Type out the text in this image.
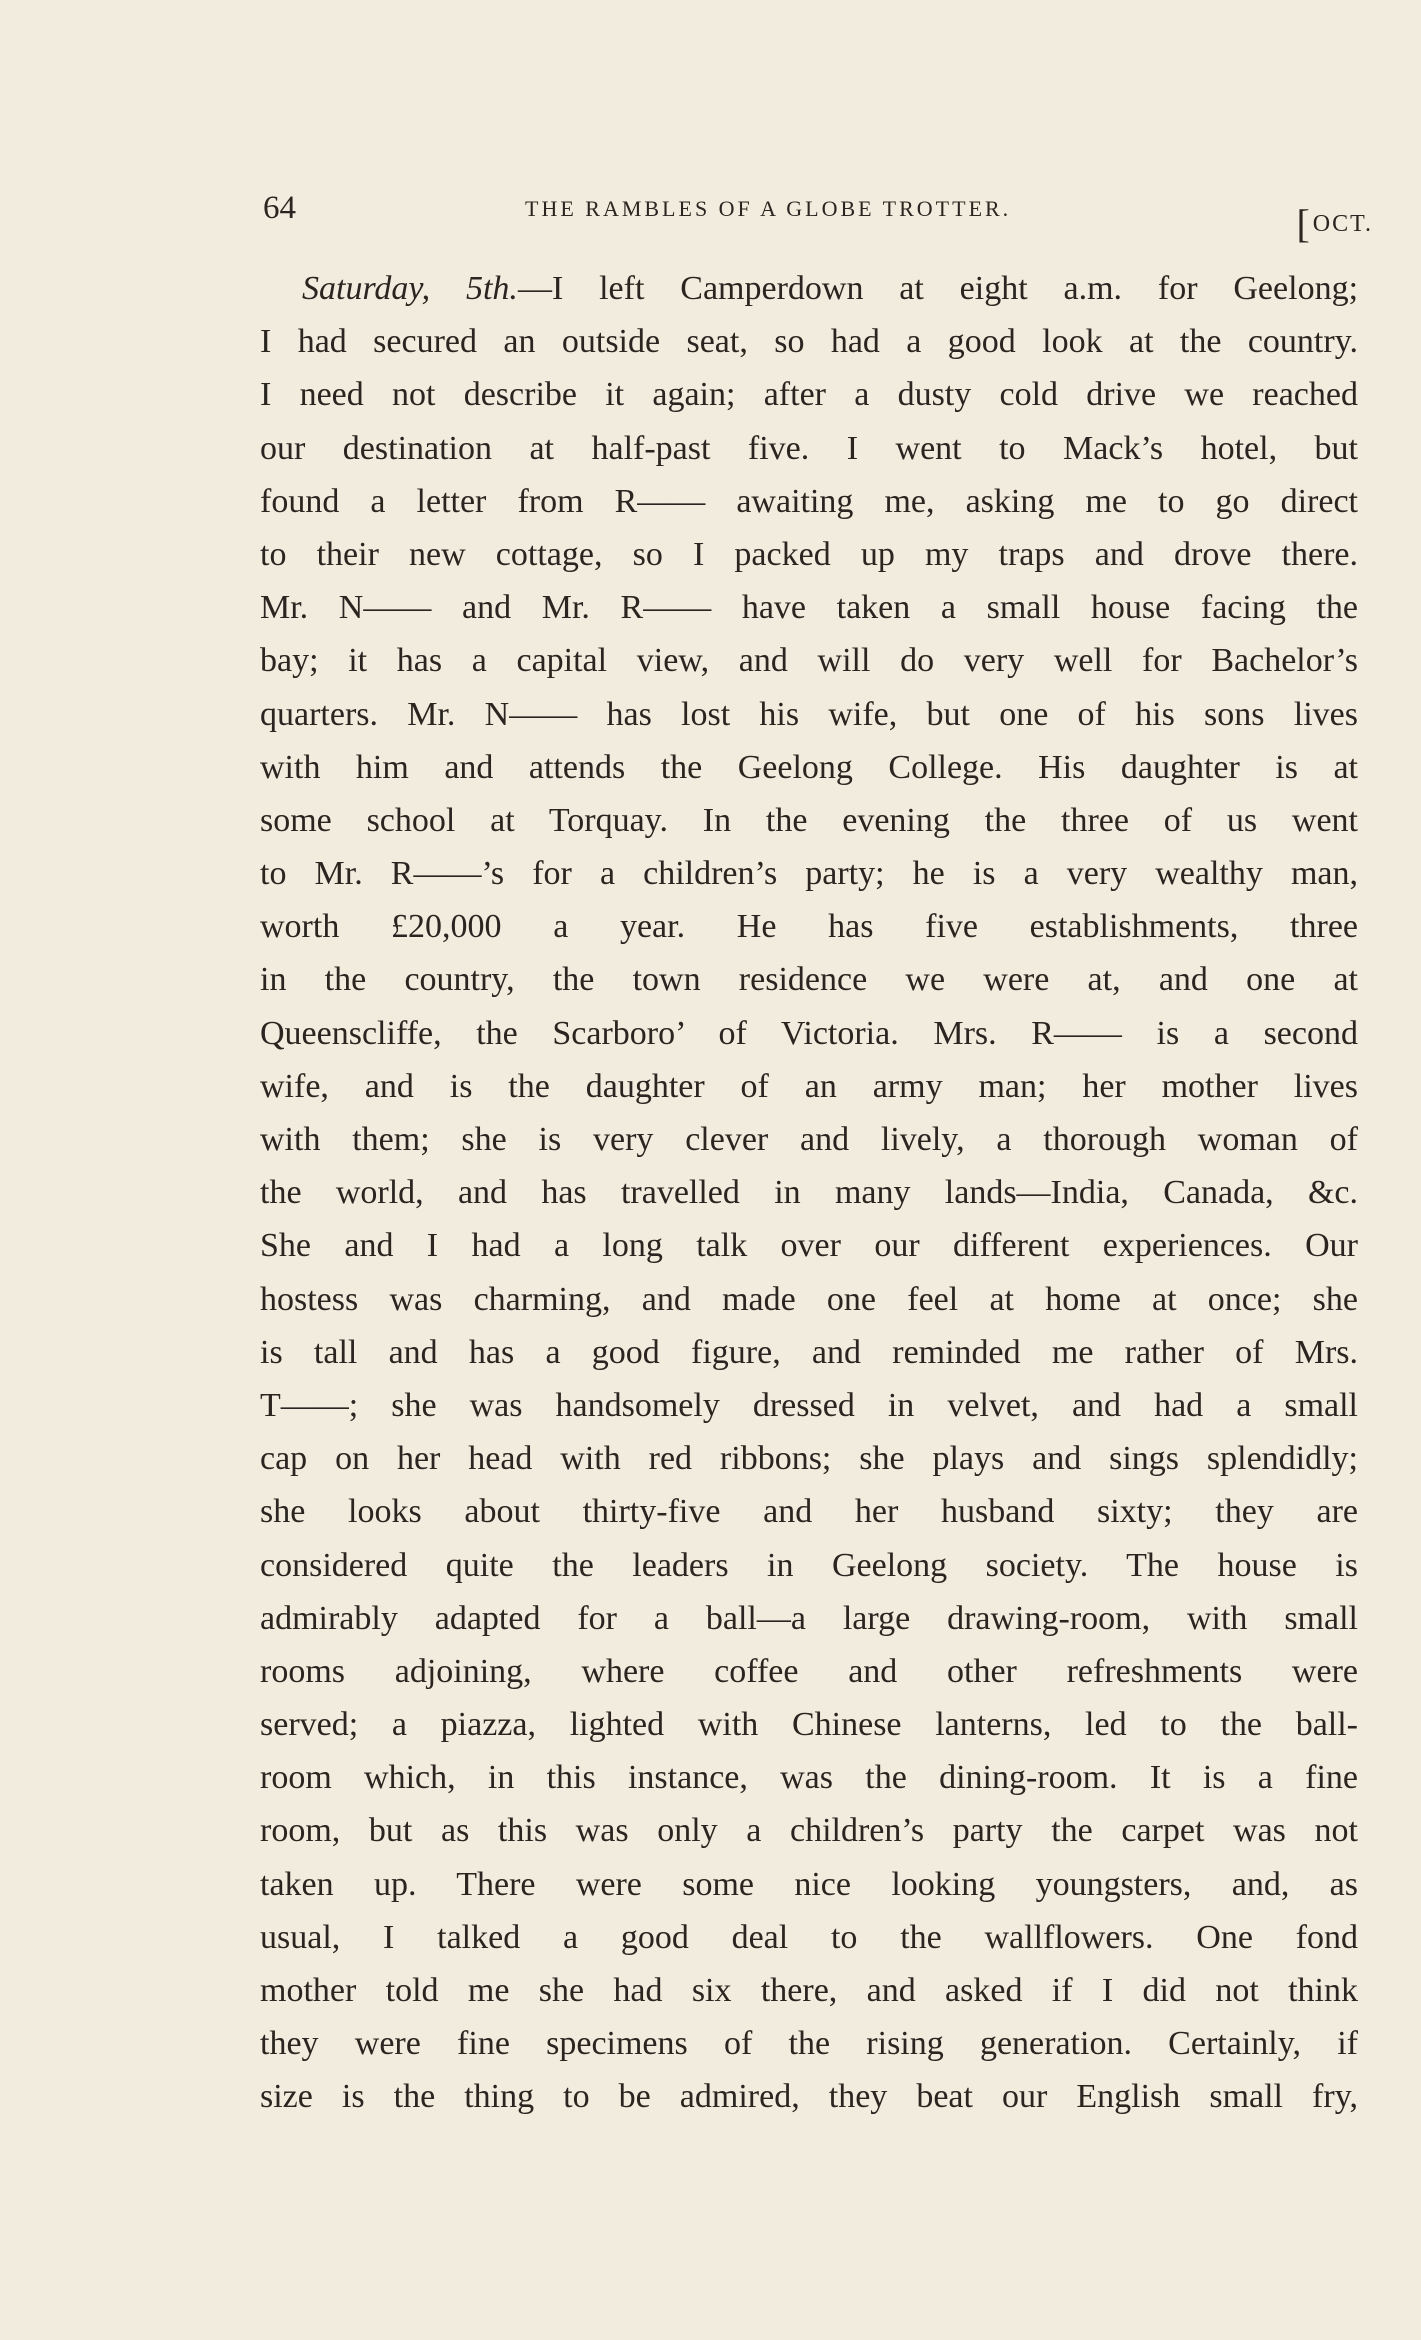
64	THE RAMBLES OF A GLOBE TROTTER.
[ OCT.
Saturday, 5th.—I left Camperdown at eight a.m. for Geelong;
I had secured an outside seat, so had a good look at the country.
I need not describe it again; after a dusty cold drive we reached
our destination at half-past five. I went to Mack’s hotel, but
found a letter from R—— awaiting me, asking me to go direct
to their new cottage, so I packed up my traps and drove there.
Mr. N—— and Mr. R—— have taken a small house facing the
bay; it has a capital view, and will do very well for Bachelor’s
quarters. Mr. N—— has lost his wife, but one of his sons lives
with him and attends the Geelong College. His daughter is at
some school at Torquay. In the evening the three of us went
to Mr. R——’s for a children’s party; he is a very wealthy man,
worth £20,000 a year. He has five establishments, three
in the country, the town residence we were at, and one at
Queenscliffe, the Scarboro’ of Victoria. Mrs. R—— is a second
wife, and is the daughter of an army man; her mother lives
with them; she is very clever and lively, a thorough woman of
the world, and has travelled in many lands—India, Canada, &c.
She and I had a long talk over our different experiences. Our
hostess was charming, and made one feel at home at once; she
is tall and has a good figure, and reminded me rather of Mrs.
T——; she was handsomely dressed in velvet, and had a small
cap on her head with red ribbons; she plays and sings splendidly;
she looks about thirty-five and her husband sixty; they are
considered quite the leaders in Geelong society. The house is
admirably adapted for a ball—a large drawing-room, with small
rooms adjoining, where coffee and other refreshments were
served; a piazza, lighted with Chinese lanterns, led to the ball-
room which, in this instance, was the dining-room. It is a fine
room, but as this was only a children’s party the carpet was not
taken up. There were some nice looking youngsters, and, as
usual, I talked a good deal to the wallflowers. One fond
mother told me she had six there, and asked if I did not think
they were fine specimens of the rising generation. Certainly, if
size is the thing to be admired, they beat our English small fry,
